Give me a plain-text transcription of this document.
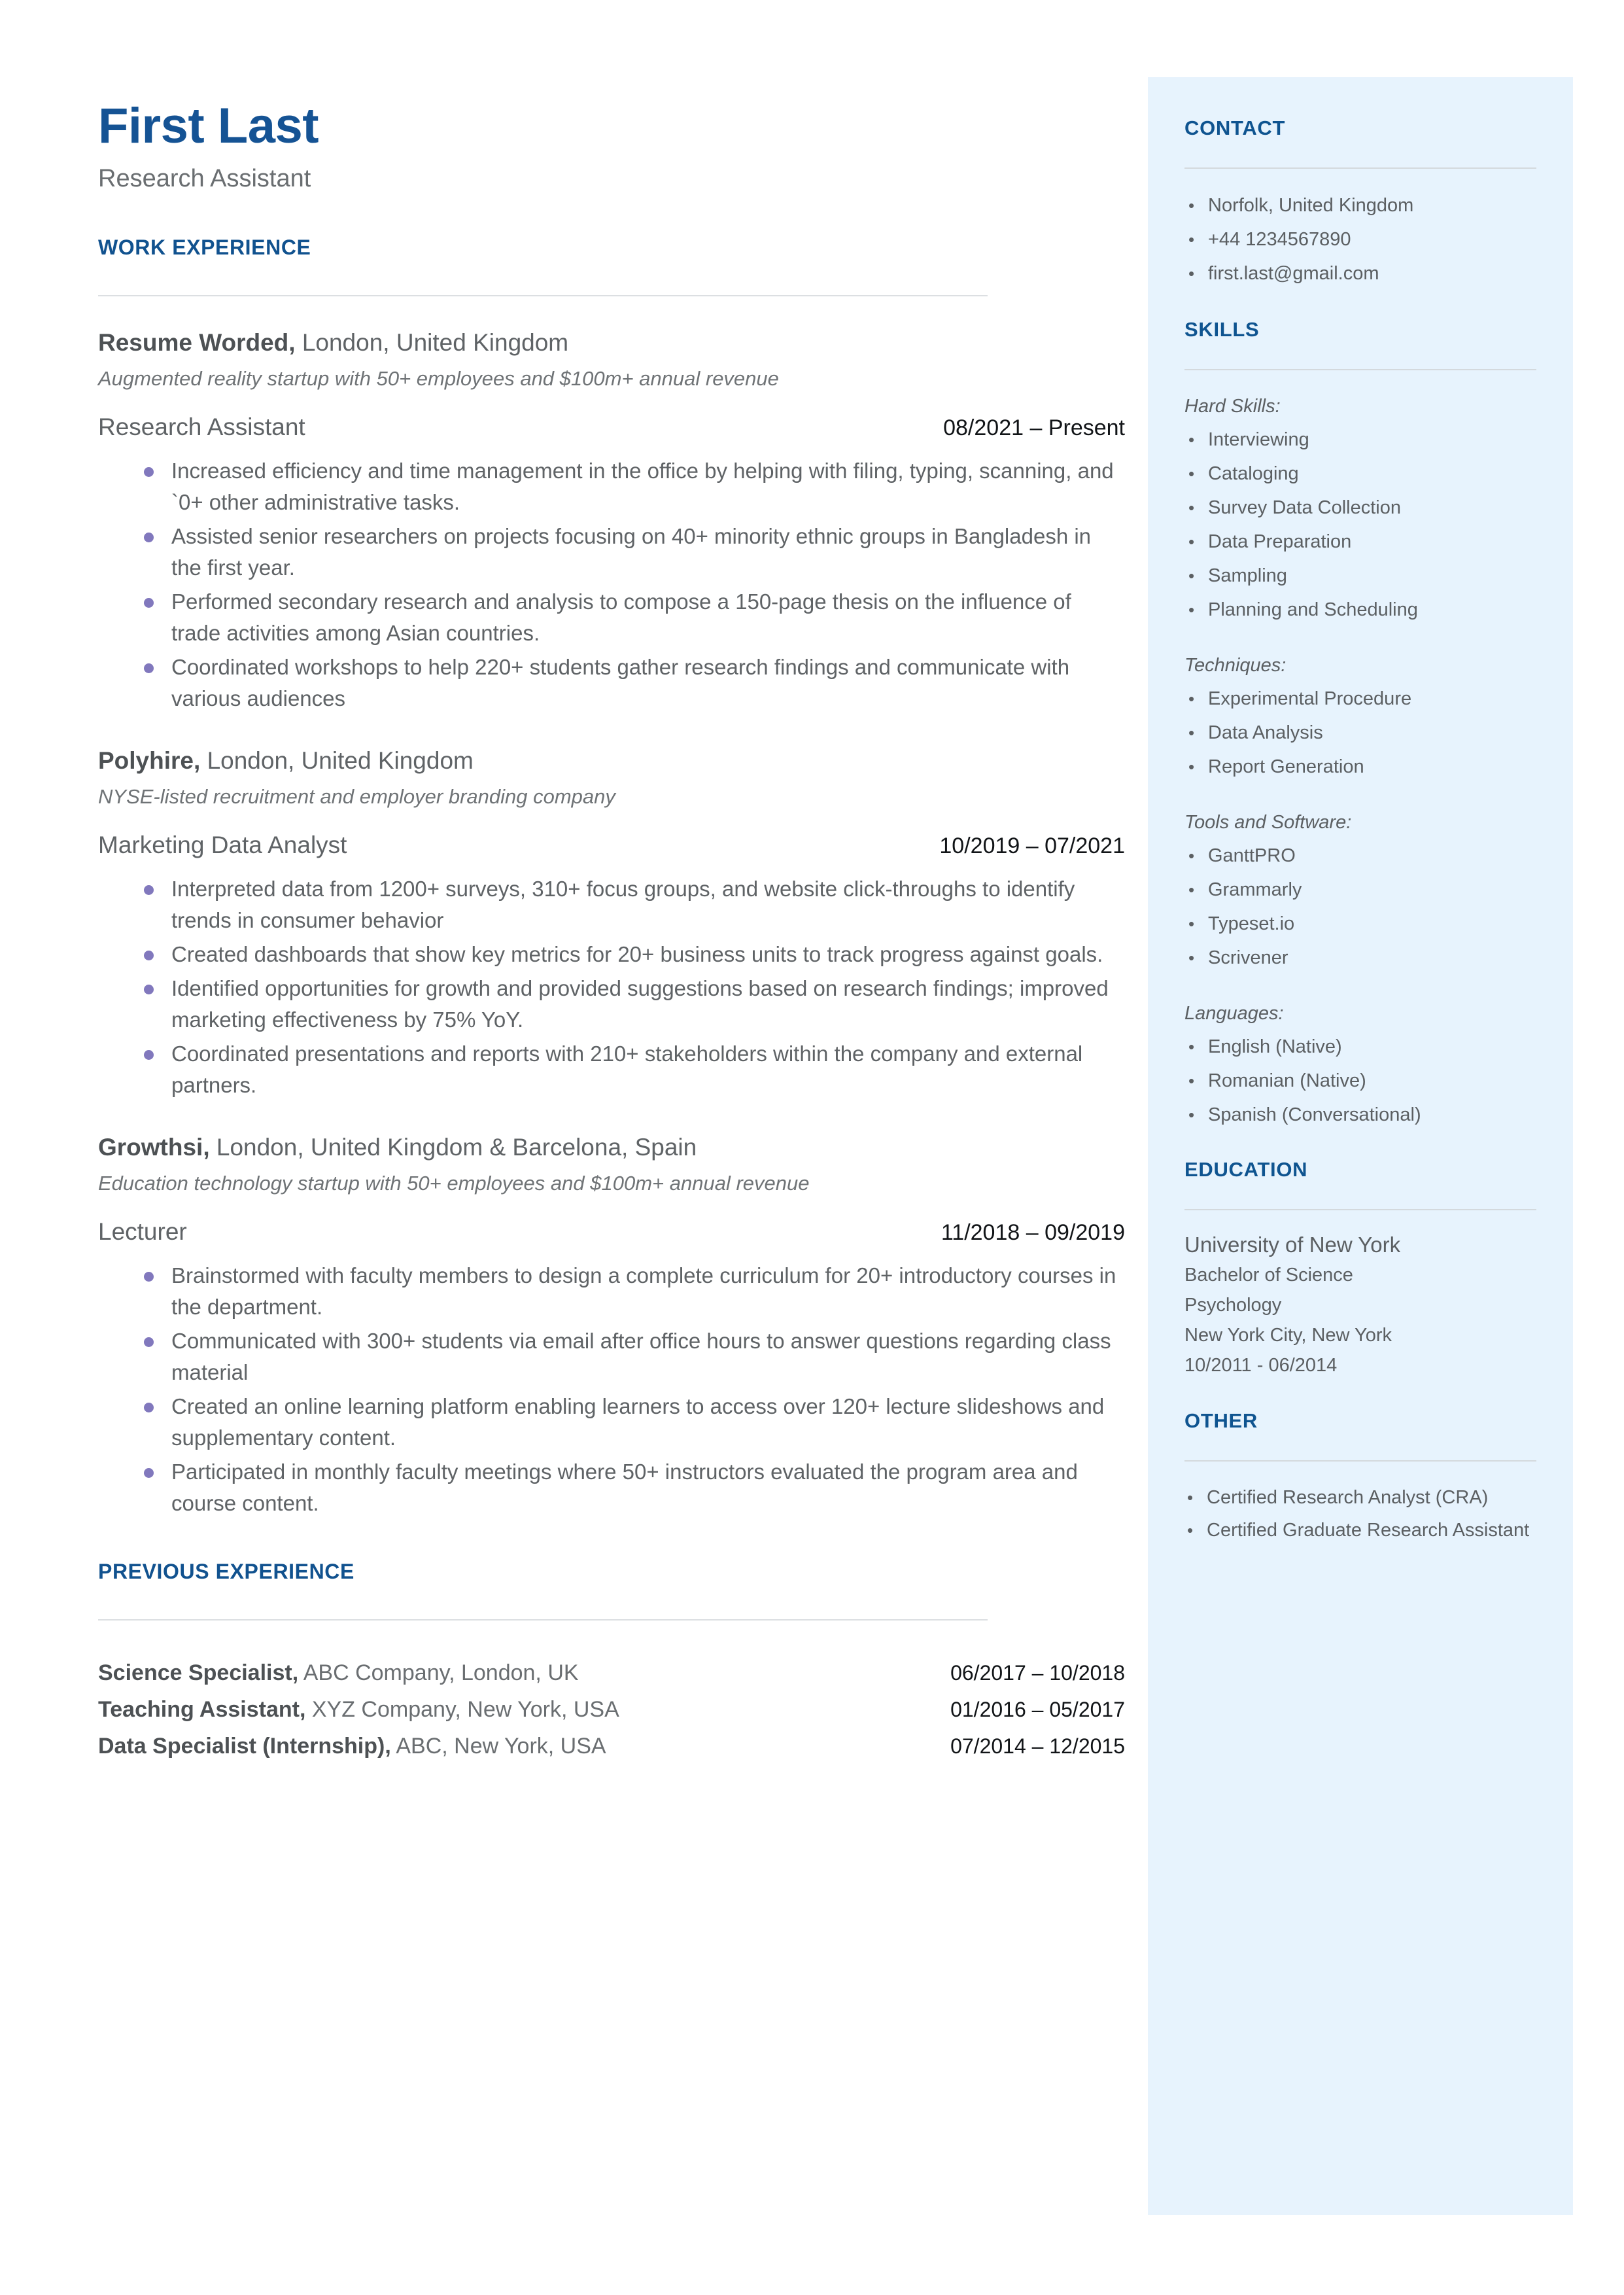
CONTACT
• Norfolk, United Kingdom
• +44 1234567890
• first.last@gmail.com
SKILLS

Hard Skills:

• Interviewing
• Cataloging
• Survey Data Collection
• Data Preparation
• Sampling
• Planning and Scheduling

Techniques:

• Experimental Procedure
• Data Analysis
• Report Generation

Tools and Software:

• GanttPRO
• Grammarly
• Typeset.io
• Scrivener

Languages:

• English (Native)
• Romanian (Native)
• Spanish (Conversational)
EDUCATION

University of New York

Bachelor of Science

Psychology

New York City, New York

10/2011 - 06/2014

OTHER
• Certified Research Analyst (CRA)
• Certified Graduate Research Assistant
First Last

Research Assistant

WORK EXPERIENCE

Resume Worded, London, United Kingdom

Augmented reality startup with 50+ employees and $100m+ annual revenue

Research Assistant	08/2021 – Present
Increased efficiency and time management in the office by helping with filing, typing, scanning, and `0+ other administrative tasks.
Assisted senior researchers on projects focusing on 40+ minority ethnic groups in Bangladesh in the first year.
Performed secondary research and analysis to compose a 150-page thesis on the influence of trade activities among Asian countries.
Coordinated workshops to help 220+ students gather research findings and communicate with various audiences

Polyhire, London, United Kingdom

NYSE-listed recruitment and employer branding company

Marketing Data Analyst	10/2019 – 07/2021
Interpreted data from 1200+ surveys, 310+ focus groups, and website click-throughs to identify trends in consumer behavior
Created dashboards that show key metrics for 20+ business units to track progress against goals.
Identified opportunities for growth and provided suggestions based on research findings; improved marketing effectiveness by 75% YoY.
Coordinated presentations and reports with 210+ stakeholders within the company and external partners.

Growthsi, London, United Kingdom & Barcelona, Spain

Education technology startup with 50+ employees and $100m+ annual revenue

Lecturer	11/2018 – 09/2019
Brainstormed with faculty members to design a complete curriculum for 20+ introductory courses in the department.
Communicated with 300+ students via email after office hours to answer questions regarding class material
Created an online learning platform enabling learners to access over 120+ lecture slideshows and supplementary content.
Participated in monthly faculty meetings where 50+ instructors evaluated the program area and course content.
PREVIOUS EXPERIENCE
Science Specialist, ABC Company, London, UK	06/2017 – 10/2018
Teaching Assistant, XYZ Company, New York, USA	01/2016 – 05/2017
Data Specialist (Internship), ABC, New York, USA	07/2014 – 12/2015
